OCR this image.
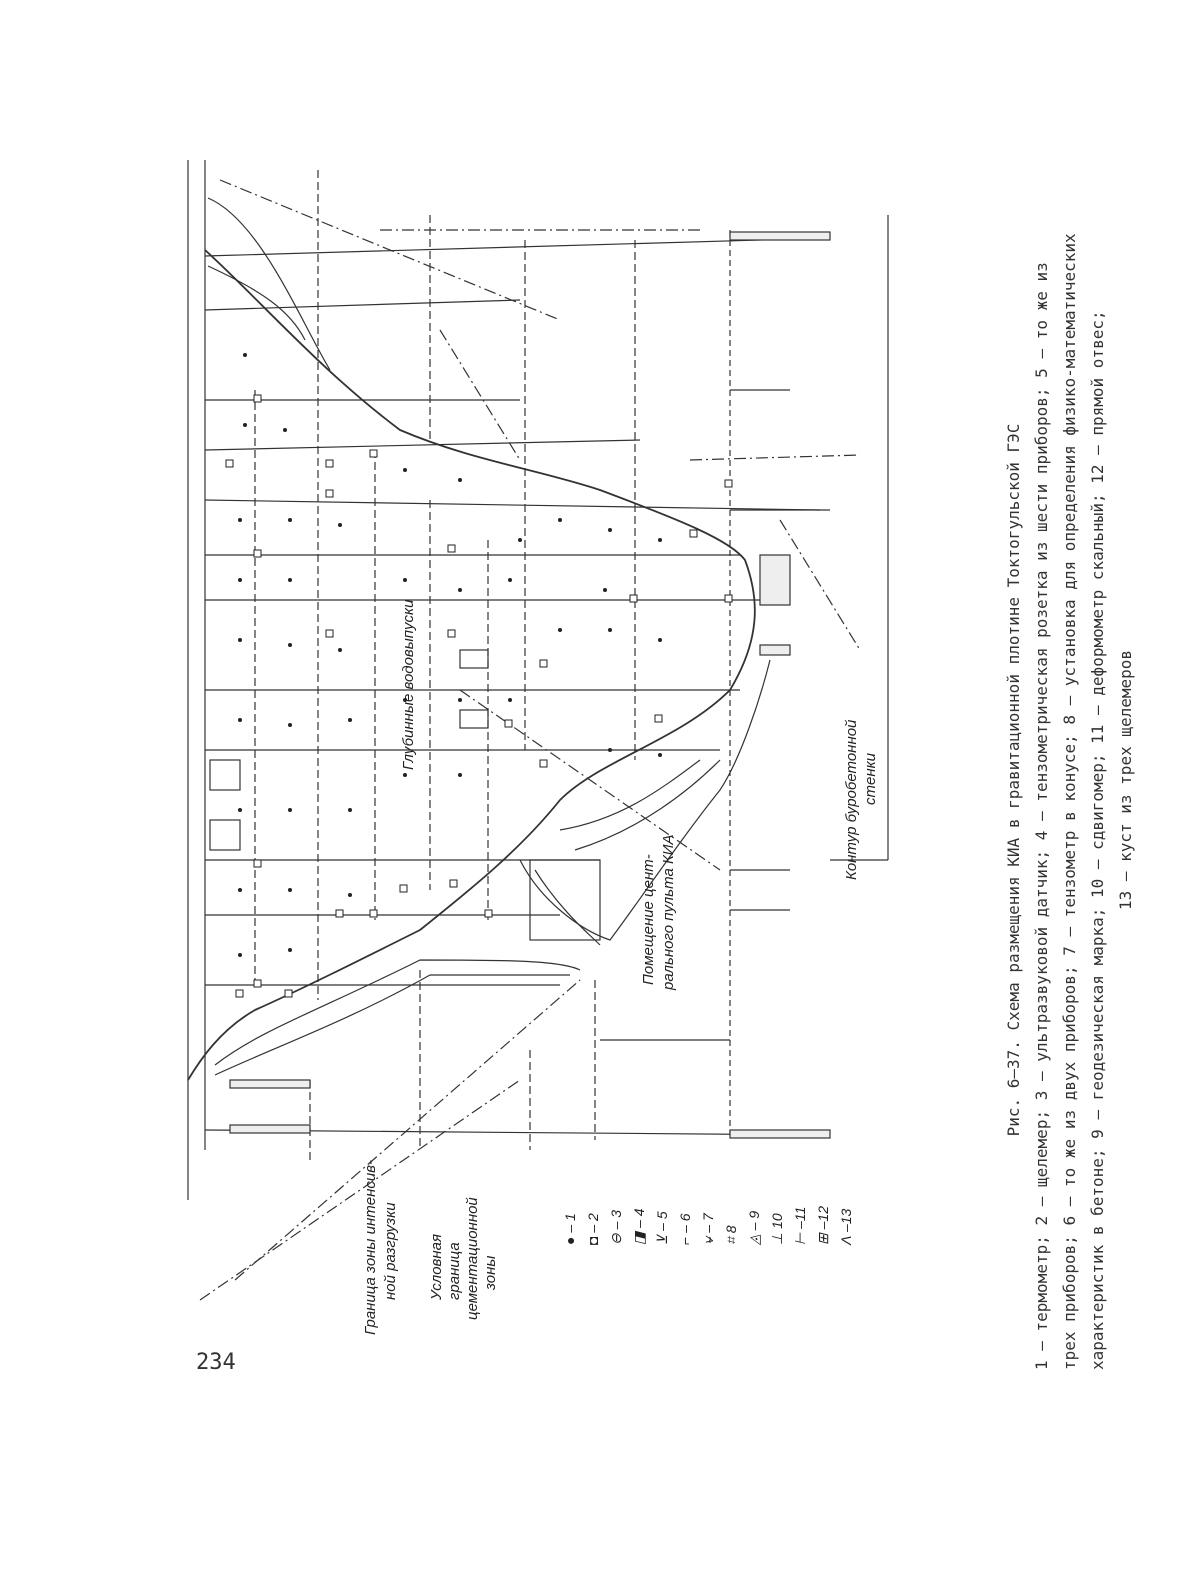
Глубинные водовыпуски
Помещение цент- рального пульта КИА
Контур буробетонной стенки
Граница зоны интенсив- ной разгрузки Условная граница цементационной зоны
● – 1
◘ – 2
⊖ – 3
◨ – 4
⊻ – 5
⌐ – 6
⍱ – 7
⌗ 8
◬ – 9
⊥ 10
⊢ –11
⊞ –12
Λ –13
Рис. 6–37. Схема размещения КИА в гравитационной плотине Токтогульской ГЭС 1 – термометр; 2 – щелемер; 3 – ультразвуковой датчик; 4 – тензометрическая розетка из шести приборов; 5 – то же из трех приборов; 6 – то же из двух приборов; 7 – тензометр в конусе; 8 – установка для определения физико-математических характеристик в бетоне; 9 – геодезическая марка; 10 – сдвигомер; 11 – деформометр скальный; 12 – прямой отвес; 13 – куст из трех щелемеров
234
